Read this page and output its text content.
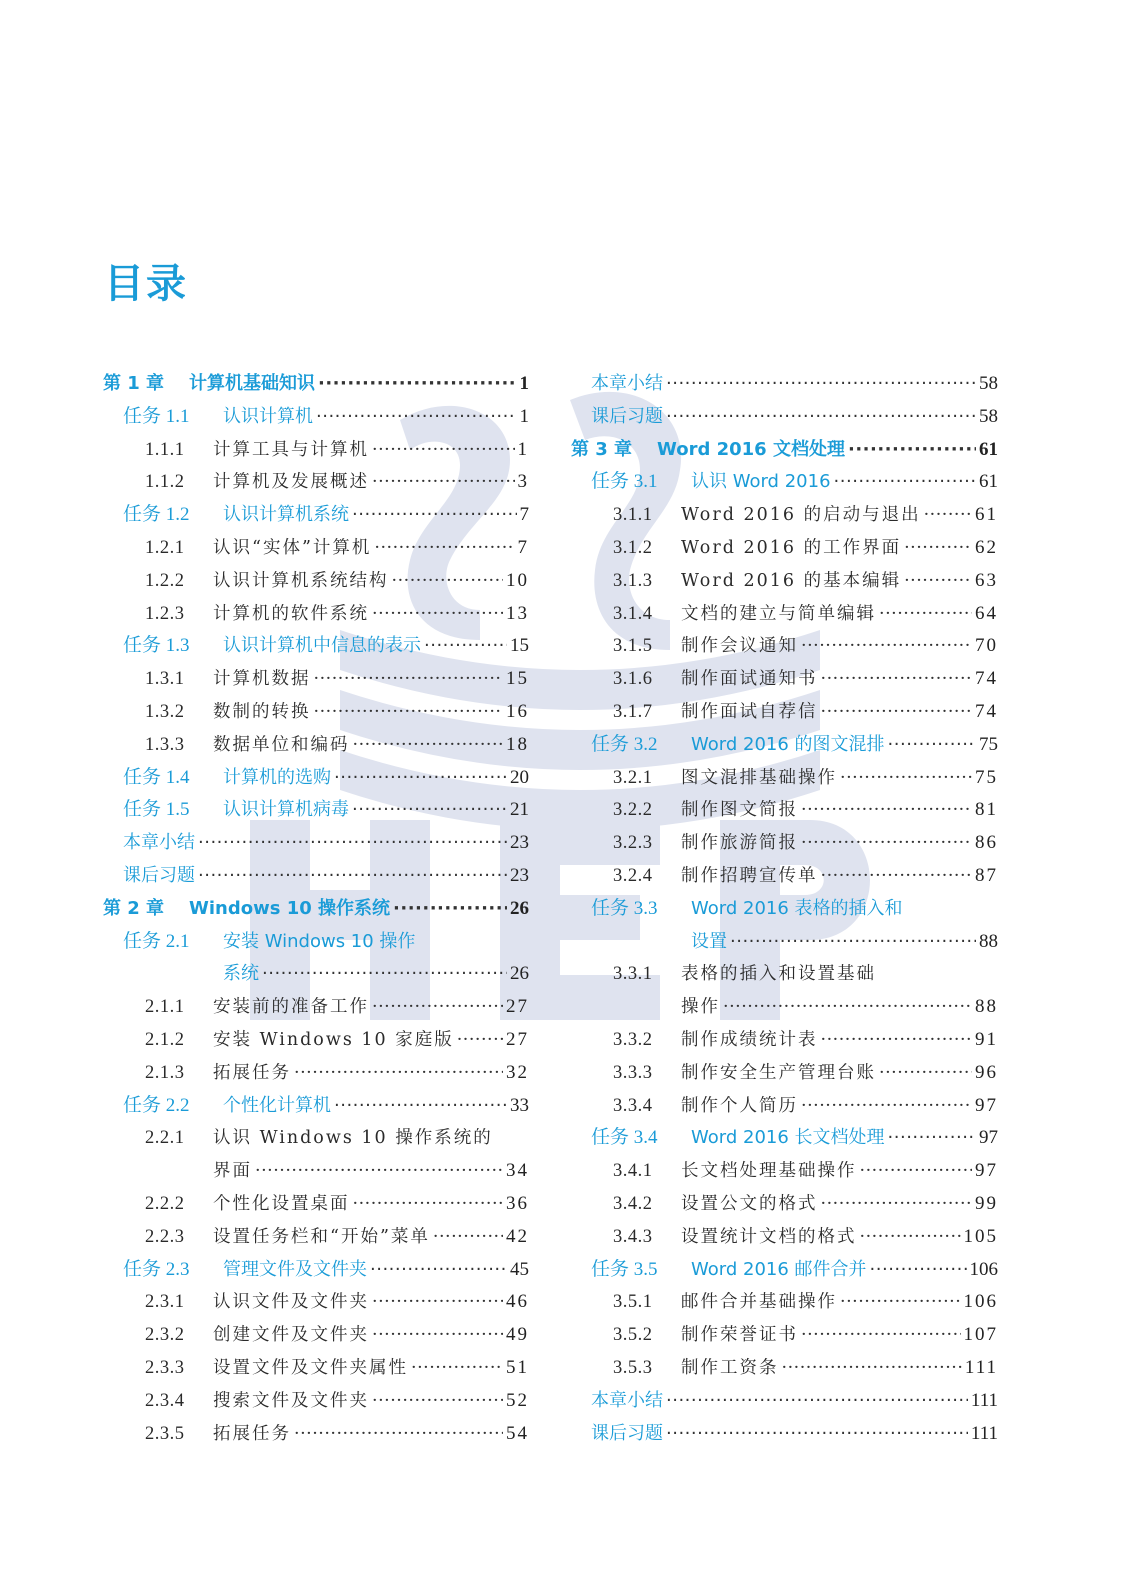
目录
第 1 章	计算机基础知识 ·····	1
任务 1.1	认识计算机 ·····	1
1.1.1	计算工具与计算机 ·····	1
1.1.2	计算机及发展概述 ·····	3
任务 1.2	认识计算机系统 ·····	7
1.2.1	认识“实体”计算机 ·····	7
1.2.2	认识计算机系统结构 ·····	10
1.2.3	计算机的软件系统 ·····	13
任务 1.3	认识计算机中信息的表示 ·····	15
1.3.1	计算机数据 ·····	15
1.3.2	数制的转换 ·····	16
1.3.3	数据单位和编码 ·····	18
任务 1.4	计算机的选购 ·····	20
任务 1.5	认识计算机病毒 ·····	21
本章小结 ·····	23
课后习题 ·····	23
第 2 章	Windows 10 操作系统 ·····	26
任务 2.1	安装 Windows 10 操作
系统 ·····	26
2.1.1	安装前的准备工作 ·····	27
2.1.2	安装 Windows 10 家庭版 ·····	27
2.1.3	拓展任务 ·····	32
任务 2.2	个性化计算机 ·····	33
2.2.1	认识 Windows 10 操作系统的
界面 ·····	34
2.2.2	个性化设置桌面 ·····	36
2.2.3	设置任务栏和“开始”菜单 ·····	42
任务 2.3	管理文件及文件夹 ·····	45
2.3.1	认识文件及文件夹 ·····	46
2.3.2	创建文件及文件夹 ·····	49
2.3.3	设置文件及文件夹属性 ·····	51
2.3.4	搜索文件及文件夹 ·····	52
2.3.5	拓展任务 ·····	54
本章小结 ·····	58
课后习题 ·····	58
第 3 章	Word 2016 文档处理 ·····	61
任务 3.1	认识 Word 2016 ·····	61
3.1.1	Word 2016 的启动与退出 ·····	61
3.1.2	Word 2016 的工作界面 ·····	62
3.1.3	Word 2016 的基本编辑 ·····	63
3.1.4	文档的建立与简单编辑 ·····	64
3.1.5	制作会议通知 ·····	70
3.1.6	制作面试通知书 ·····	74
3.1.7	制作面试自荐信 ·····	74
任务 3.2	Word 2016 的图文混排 ·····	75
3.2.1	图文混排基础操作 ·····	75
3.2.2	制作图文简报 ·····	81
3.2.3	制作旅游简报 ·····	86
3.2.4	制作招聘宣传单 ·····	87
任务 3.3	Word 2016 表格的插入和
设置 ·····	88
3.3.1	表格的插入和设置基础
操作 ·····	88
3.3.2	制作成绩统计表 ·····	91
3.3.3	制作安全生产管理台账 ·····	96
3.3.4	制作个人简历 ·····	97
任务 3.4	Word 2016 长文档处理 ·····	97
3.4.1	长文档处理基础操作 ·····	97
3.4.2	设置公文的格式 ·····	99
3.4.3	设置统计文档的格式 ·····	105
任务 3.5	Word 2016 邮件合并 ·····	106
3.5.1	邮件合并基础操作 ·····	106
3.5.2	制作荣誉证书 ·····	107
3.5.3	制作工资条 ·····	111
本章小结 ·····	111
课后习题 ·····	111
